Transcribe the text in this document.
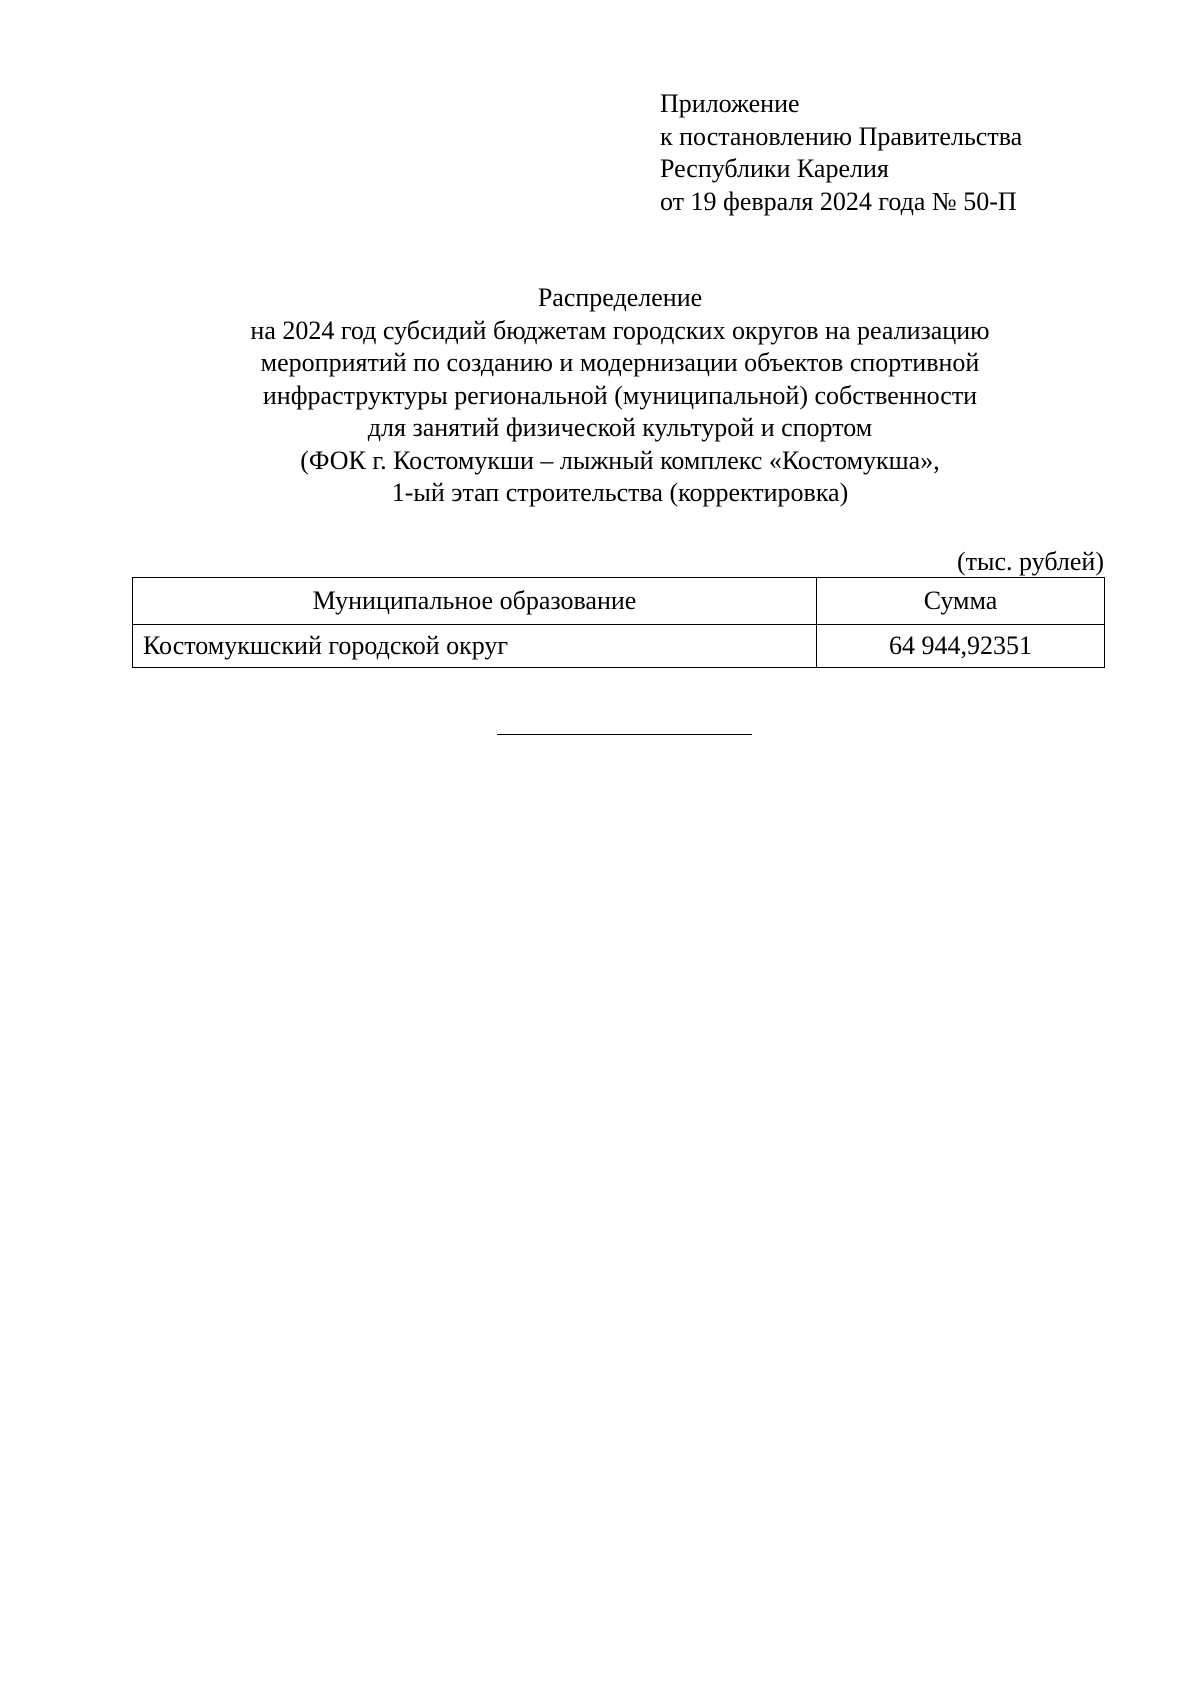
Приложение
к постановлению Правительства
Республики Карелия
от 19 февраля 2024 года № 50-П
Распределение
на 2024 год субсидий бюджетам городских округов на реализацию
мероприятий по созданию и модернизации объектов спортивной
инфраструктуры региональной (муниципальной) собственности
для занятий физической культурой и спортом
(ФОК г. Костомукши – лыжный комплекс «Костомукша»,
1-ый этап строительства (корректировка)
(тыс. рублей)
Муниципальное образование	Сумма
Костомукшский городской округ	64 944,92351
